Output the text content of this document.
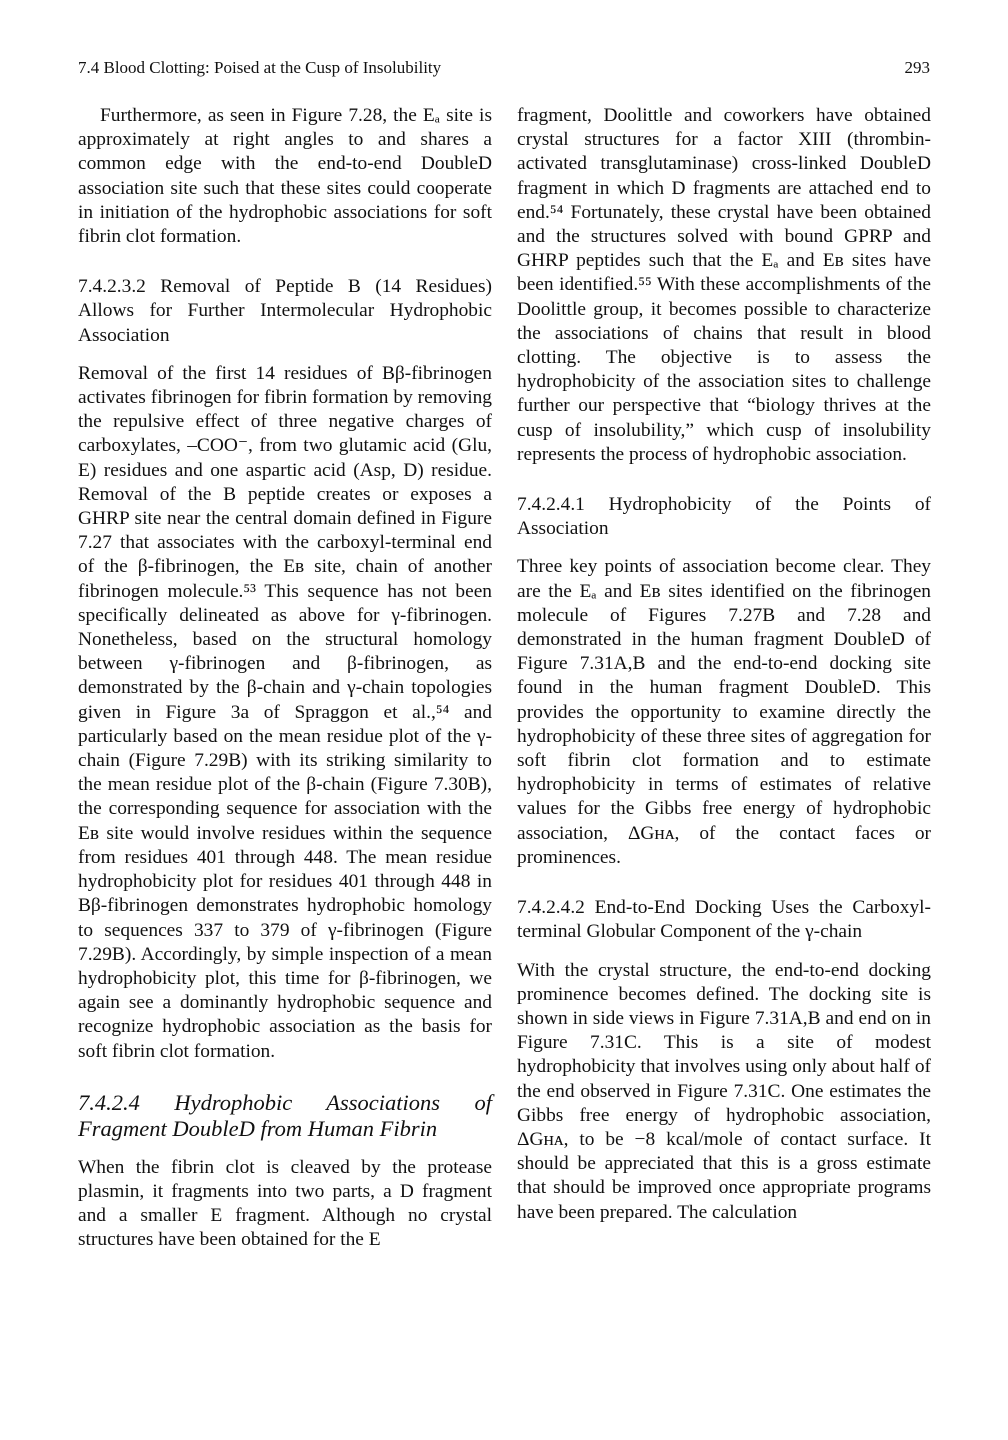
7.4 Blood Clotting: Poised at the Cusp of Insolubility	293

Furthermore, as seen in Figure 7.28, the Eₐ site is approximately at right angles to and shares a common edge with the end-to-end DoubleD association site such that these sites could cooperate in initiation of the hydrophobic associations for soft fibrin clot formation.

7.4.2.3.2 Removal of Peptide B (14 Residues) Allows for Further Intermolecular Hydrophobic Association

Removal of the first 14 residues of Bβ-fibrinogen activates fibrinogen for fibrin formation by removing the repulsive effect of three negative charges of carboxylates, –COO⁻, from two glutamic acid (Glu, E) residues and one aspartic acid (Asp, D) residue. Removal of the B peptide creates or exposes a GHRP site near the central domain defined in Figure 7.27 that associates with the carboxyl-terminal end of the β-fibrinogen, the Eʙ site, chain of another fibrinogen molecule.⁵³ This sequence has not been specifically delineated as above for γ-fibrinogen. Nonetheless, based on the structural homology between γ-fibrinogen and β-fibrinogen, as demonstrated by the β-chain and γ-chain topologies given in Figure 3a of Spraggon et al.,⁵⁴ and particularly based on the mean residue plot of the γ-chain (Figure 7.29B) with its striking similarity to the mean residue plot of the β-chain (Figure 7.30B), the corresponding sequence for association with the Eʙ site would involve residues within the sequence from residues 401 through 448. The mean residue hydrophobicity plot for residues 401 through 448 in Bβ-fibrinogen demonstrates hydrophobic homology to sequences 337 to 379 of γ-fibrinogen (Figure 7.29B). Accordingly, by simple inspection of a mean hydrophobicity plot, this time for β-fibrinogen, we again see a dominantly hydrophobic sequence and recognize hydrophobic association as the basis for soft fibrin clot formation.

7.4.2.4 Hydrophobic Associations of Fragment DoubleD from Human Fibrin

When the fibrin clot is cleaved by the protease plasmin, it fragments into two parts, a D fragment and a smaller E fragment. Although no crystal structures have been obtained for the E

fragment, Doolittle and coworkers have obtained crystal structures for a factor XIII (thrombin-activated transglutaminase) cross-linked DoubleD fragment in which D fragments are attached end to end.⁵⁴ Fortunately, these crystal have been obtained and the structures solved with bound GPRP and GHRP peptides such that the Eₐ and Eʙ sites have been identified.⁵⁵ With these accomplishments of the Doolittle group, it becomes possible to characterize the associations of chains that result in blood clotting. The objective is to assess the hydrophobicity of the association sites to challenge further our perspective that “biology thrives at the cusp of insolubility,” which cusp of insolubility represents the process of hydrophobic association.

7.4.2.4.1 Hydrophobicity of the Points of Association

Three key points of association become clear. They are the Eₐ and Eʙ sites identified on the fibrinogen molecule of Figures 7.27B and 7.28 and demonstrated in the human fragment DoubleD of Figure 7.31A,B and the end-to-end docking site found in the human fragment DoubleD. This provides the opportunity to examine directly the hydrophobicity of these three sites of aggregation for soft fibrin clot formation and to estimate hydrophobicity in terms of estimates of relative values for the Gibbs free energy of hydrophobic association, ΔGʜᴀ, of the contact faces or prominences.

7.4.2.4.2 End-to-End Docking Uses the Carboxyl-terminal Globular Component of the γ-chain

With the crystal structure, the end-to-end docking prominence becomes defined. The docking site is shown in side views in Figure 7.31A,B and end on in Figure 7.31C. This is a site of modest hydrophobicity that involves using only about half of the end observed in Figure 7.31C. One estimates the Gibbs free energy of hydrophobic association, ΔGʜᴀ, to be −8 kcal/mole of contact surface. It should be appreciated that this is a gross estimate that should be improved once appropriate programs have been prepared. The calculation
